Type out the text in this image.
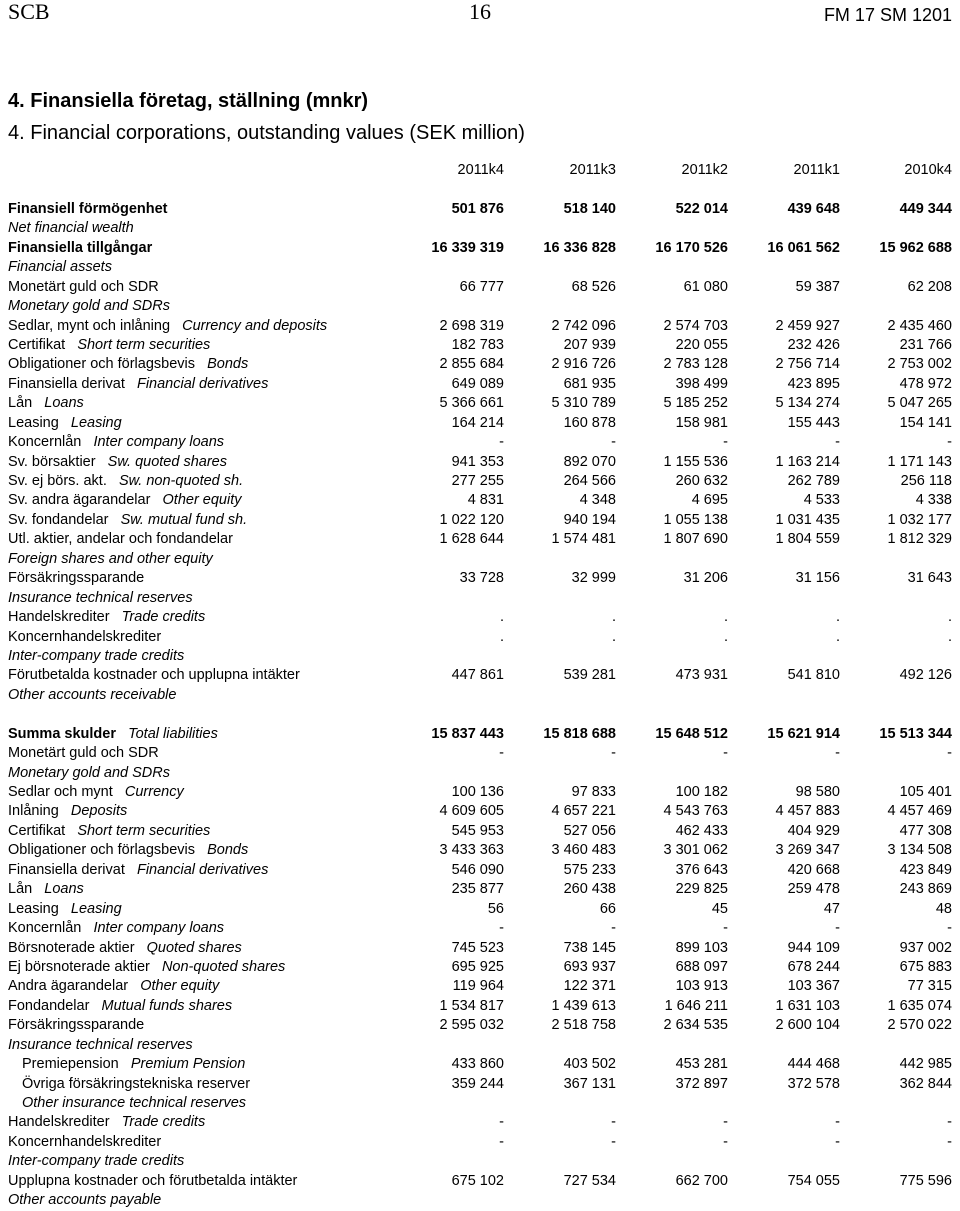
16
SCB	FM 17 SM 1201
4. Finansiella företag, ställning (mnkr)
4. Financial corporations, outstanding values (SEK million)
2011k4	2011k3	2011k2	2011k1	2010k4
Finansiell förmögenhet	501 876	518 140	522 014	439 648	449 344
Net financial wealth
Finansiella tillgångar	16 339 319	16 336 828	16 170 526	16 061 562	15 962 688
Financial assets
Monetärt guld och SDR	66 777	68 526	61 080	59 387	62 208
Monetary gold and SDRs
Sedlar, mynt och inlåning Currency and deposits	2 698 319	2 742 096	2 574 703	2 459 927	2 435 460
Certifikat Short term securities	182 783	207 939	220 055	232 426	231 766
Obligationer och förlagsbevis Bonds	2 855 684	2 916 726	2 783 128	2 756 714	2 753 002
Finansiella derivat Financial derivatives	649 089	681 935	398 499	423 895	478 972
Lån Loans	5 366 661	5 310 789	5 185 252	5 134 274	5 047 265
Leasing Leasing	164 214	160 878	158 981	155 443	154 141
Koncernlån Inter company loans	-	-	-	-	-
Sv. börsaktier Sw. quoted shares	941 353	892 070	1 155 536	1 163 214	1 171 143
Sv. ej börs. akt. Sw. non-quoted sh.	277 255	264 566	260 632	262 789	256 118
Sv. andra ägarandelar Other equity	4 831	4 348	4 695	4 533	4 338
Sv. fondandelar Sw. mutual fund sh.	1 022 120	940 194	1 055 138	1 031 435	1 032 177
Utl. aktier, andelar och fondandelar	1 628 644	1 574 481	1 807 690	1 804 559	1 812 329
Foreign shares and other equity
Försäkringssparande	33 728	32 999	31 206	31 156	31 643
Insurance technical reserves
Handelskrediter Trade credits	.	.	.	.	.
Koncernhandelskrediter	.	.	.	.	.
Inter-company trade credits
Förutbetalda kostnader och upplupna intäkter	447 861	539 281	473 931	541 810	492 126
Other accounts receivable
Summa skulder Total liabilities	15 837 443	15 818 688	15 648 512	15 621 914	15 513 344
Monetärt guld och SDR	-	-	-	-	-
Monetary gold and SDRs
Sedlar och mynt Currency	100 136	97 833	100 182	98 580	105 401
Inlåning Deposits	4 609 605	4 657 221	4 543 763	4 457 883	4 457 469
Certifikat Short term securities	545 953	527 056	462 433	404 929	477 308
Obligationer och förlagsbevis Bonds	3 433 363	3 460 483	3 301 062	3 269 347	3 134 508
Finansiella derivat Financial derivatives	546 090	575 233	376 643	420 668	423 849
Lån Loans	235 877	260 438	229 825	259 478	243 869
Leasing Leasing	56	66	45	47	48
Koncernlån Inter company loans	-	-	-	-	-
Börsnoterade aktier Quoted shares	745 523	738 145	899 103	944 109	937 002
Ej börsnoterade aktier Non-quoted shares	695 925	693 937	688 097	678 244	675 883
Andra ägarandelar Other equity	119 964	122 371	103 913	103 367	77 315
Fondandelar Mutual funds shares	1 534 817	1 439 613	1 646 211	1 631 103	1 635 074
Försäkringssparande	2 595 032	2 518 758	2 634 535	2 600 104	2 570 022
Insurance technical reserves
Premiepension Premium Pension	433 860	403 502	453 281	444 468	442 985
Övriga försäkringstekniska reserver	359 244	367 131	372 897	372 578	362 844
Other insurance technical reserves
Handelskrediter Trade credits	-	-	-	-	-
Koncernhandelskrediter	-	-	-	-	-
Inter-company trade credits
Upplupna kostnader och förutbetalda intäkter	675 102	727 534	662 700	754 055	775 596
Other accounts payable
